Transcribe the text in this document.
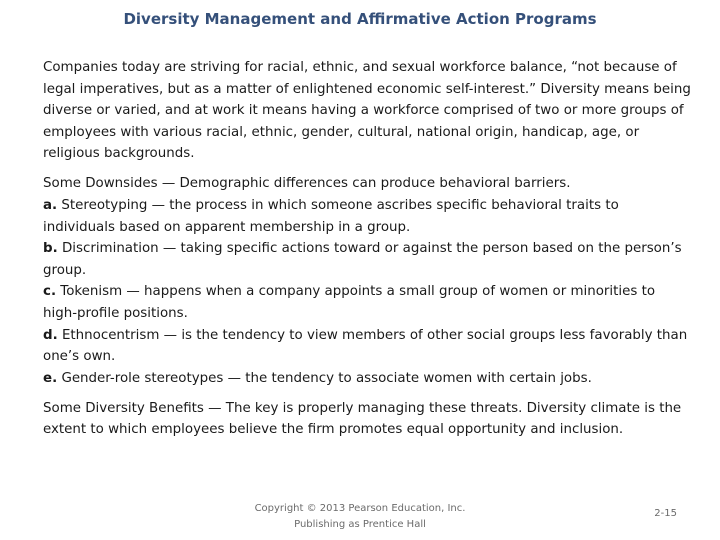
Diversity Management and Affirmative Action Programs

Companies today are striving for racial, ethnic, and sexual workforce balance, “not because of legal imperatives, but as a matter of enlightened economic self-interest.” Diversity means being diverse or varied, and at work it means having a workforce comprised of two or more groups of employees with various racial, ethnic, gender, cultural, national origin, handicap, age, or religious backgrounds.

Some Downsides — Demographic differences can produce behavioral barriers.
a. Stereotyping — the process in which someone ascribes specific behavioral traits to individuals based on apparent membership in a group.
b. Discrimination — taking specific actions toward or against the person based on the person’s group.
c. Tokenism — happens when a company appoints a small group of women or minorities to high-profile positions.
d. Ethnocentrism — is the tendency to view members of other social groups less favorably than one’s own.
e. Gender-role stereotypes — the tendency to associate women with certain jobs.

Some Diversity Benefits — The key is properly managing these threats. Diversity climate is the extent to which employees believe the firm promotes equal opportunity and inclusion.

Copyright © 2013 Pearson Education, Inc.
Publishing as Prentice Hall
2-15
